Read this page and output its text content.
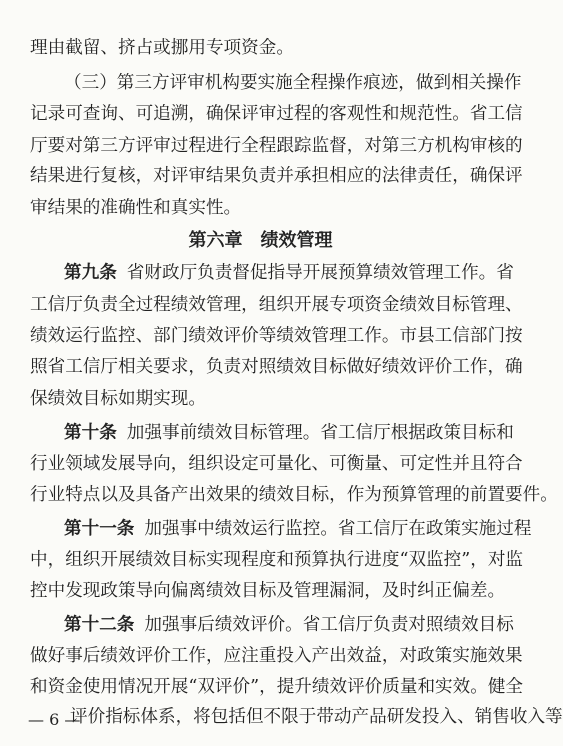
理由截留、挤占或挪用专项资金。
（三）第三方评审机构要实施全程操作痕迹，做到相关操作
记录可查询、可追溯，确保评审过程的客观性和规范性。省工信
厅要对第三方评审过程进行全程跟踪监督，对第三方机构审核的
结果进行复核，对评审结果负责并承担相应的法律责任，确保评
审结果的准确性和真实性。
第六章　绩效管理
第九条 省财政厅负责督促指导开展预算绩效管理工作。省
工信厅负责全过程绩效管理，组织开展专项资金绩效目标管理、
绩效运行监控、部门绩效评价等绩效管理工作。市县工信部门按
照省工信厅相关要求，负责对照绩效目标做好绩效评价工作，确
保绩效目标如期实现。
第十条 加强事前绩效目标管理。省工信厅根据政策目标和
行业领域发展导向，组织设定可量化、可衡量、可定性并且符合
行业特点以及具备产出效果的绩效目标，作为预算管理的前置要件。
第十一条 加强事中绩效运行监控。省工信厅在政策实施过程
中，组织开展绩效目标实现程度和预算执行进度“双监控”，对监
控中发现政策导向偏离绩效目标及管理漏洞，及时纠正偏差。
第十二条 加强事后绩效评价。省工信厅负责对照绩效目标
做好事后绩效评价工作，应注重投入产出效益，对政策实施效果
和资金使用情况开展“双评价”，提升绩效评价质量和实效。健全
评价指标体系，将包括但不限于带动产品研发投入、销售收入等
— 6 —
